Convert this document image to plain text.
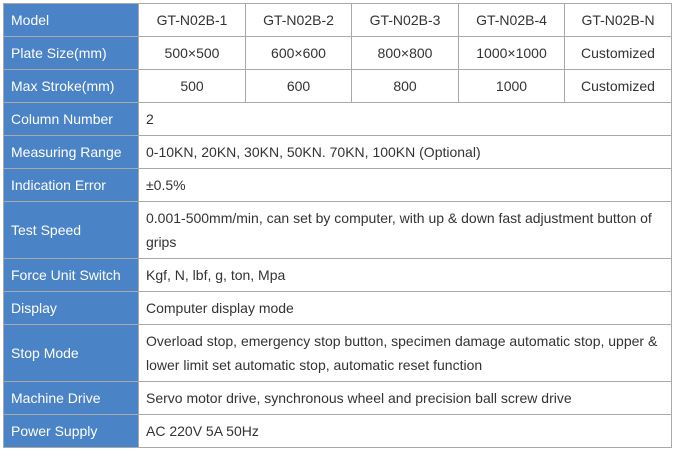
Model	GT-N02B-1	GT-N02B-2	GT-N02B-3	GT-N02B-4	GT-N02B-N
Plate Size(mm)	500×500	600×600	800×800	1000×1000	Customized
Max Stroke(mm)	500	600	800	1000	Customized
Column Number	2				
Measuring Range	0-10KN, 20KN, 30KN, 50KN. 70KN, 100KN (Optional)				
Indication Error	±0.5%				
Test Speed	0.001-500mm/min, can set by computer, with up & down fast adjustment button of grips				
Force Unit Switch	Kgf, N, lbf, g, ton, Mpa				
Display	Computer display mode				
Stop Mode	Overload stop, emergency stop button, specimen damage automatic stop, upper & lower limit set automatic stop, automatic reset function				
Machine Drive	Servo motor drive, synchronous wheel and precision ball screw drive				
Power Supply	AC 220V 5A 50Hz				
